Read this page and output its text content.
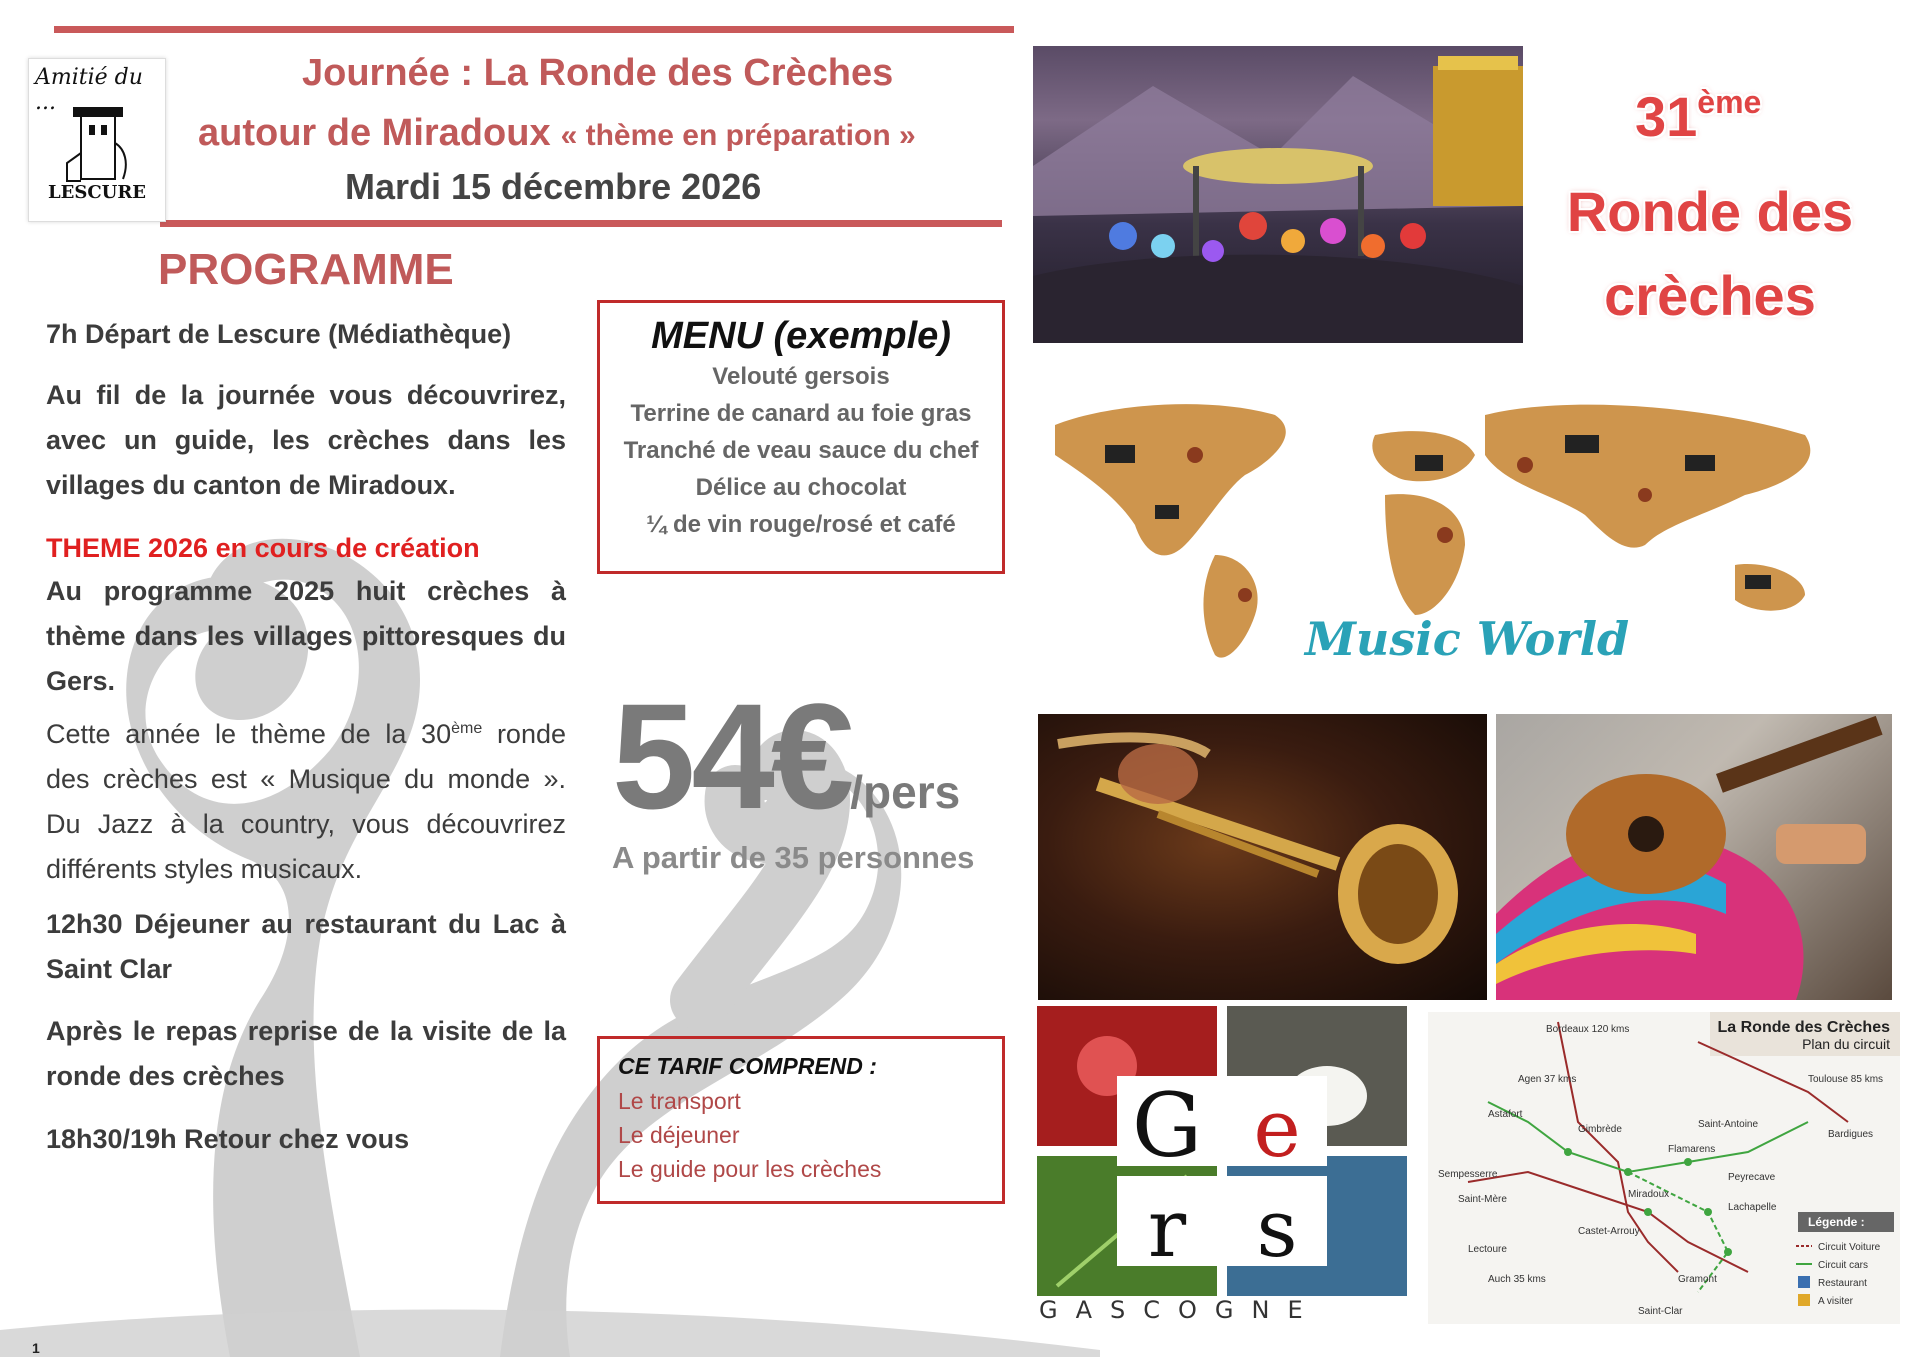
Amitié du ...
LESCURE
Journée : La Ronde des Crèches
autour de Miradoux « thème en préparation »
Mardi 15 décembre 2026
PROGRAMME
7h Départ de Lescure (Médiathèque)
Au fil de la journée vous découvrirez, avec un guide, les crèches dans les villages du canton de Miradoux.
THEME 2026 en cours de création
Au programme 2025 huit crèches à thème dans les villages pittoresques du Gers.
Cette année le thème de la 30ème ronde des crèches est « Musique du monde ». Du Jazz à la country, vous découvrirez différents styles musicaux.
12h30 Déjeuner au restaurant du Lac à Saint Clar
Après le repas reprise de la visite de la ronde des crèches
18h30/19h Retour chez vous
MENU (exemple)
Velouté gersois
Terrine de canard au foie gras
Tranché de veau sauce du chef
Délice au chocolat
¼ de vin rouge/rosé et café
54€/pers
A partir de 35 personnes
CE TARIF COMPREND :
Le transport
Le déjeuner
Le guide pour les crèches
31ème
Ronde des
crèches
Music World
G e
r s
GASCOGNE
La Ronde des Crèches
Plan du circuit
Bordeaux 120 kms
Agen 37 kms
Astafort
Sempesserre
Saint-Mère
Lectoure
Miradoux
Flamarens
Saint-Antoine
Peyrecave
Lachapelle
Castet-Arrouy
Gramont
Saint-Clar
Toulouse 85 kms
Bardigues
Gimbrède
Auch 35 kms
Légende :
Circuit Voiture
Circuit cars
Restaurant
A visiter
1
